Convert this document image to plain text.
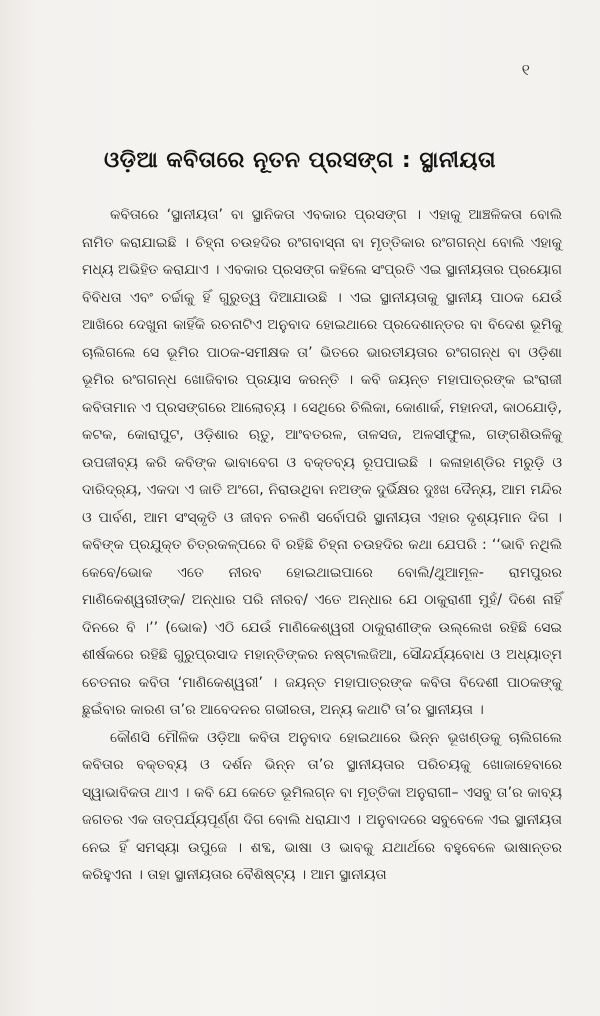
୧
ଓଡ଼ିଆ କବିତାରେ ନୂତନ ପ୍ରସଙ୍ଗ : ସ୍ଥାନୀୟତା

କବିତାରେ ‘ସ୍ଥାନୀୟତା’ ବା ସ୍ଥାନିକତା ଏବକାର ପ୍ରସଙ୍ଗ । ଏହାକୁ ଆଞ୍ଚଳିକତା ବୋଲି ନାମିତ କରାଯାଇଛି । ଚିହ୍ନା ଚଉହଦିର ରଂଗବାସ୍ନା ବା ମୃତ୍ତିକାର ରଂଗଗନ୍ଧ ବୋଲି ଏହାକୁ ମଧ୍ୟ ଅଭିହିତ କରାଯାଏ । ଏବକାର ପ୍ରସଙ୍ଗ କହିଲେ ସଂପ୍ରତି ଏଇ ସ୍ଥାନୀୟତାର ପ୍ରୟୋଗ ବିବିଧତା ଏବଂ ଚର୍ଚ୍ଚାକୁ ହିଁ ଗୁରୁତ୍ୱ ଦିଆଯାଉଛି । ଏଇ ସ୍ଥାନୀୟତାକୁ ସ୍ଥାନୀୟ ପାଠକ ଯେଉଁ ଆଖିରେ ଦେଖୁନା କାହିଁକି ରଚନାଟିଏ ଅନୁବାଦ ହୋଇଥାରେ ପ୍ରଦେଶାନ୍ତର ବା ବିଦେଶ ଭୂମିକୁ ଚାଲିଗଲେ ସେ ଭୂମିର ପାଠକ-ସମୀକ୍ଷକ ତା’ ଭିତରେ ଭାରତୀୟତାର ରଂଗଗନ୍ଧ ବା ଓଡ଼ିଶା ଭୂମିର ରଂଗଗନ୍ଧ ଖୋଜିବାର ପ୍ରୟାସ କରନ୍ତି । କବି ଜୟନ୍ତ ମହାପାତ୍ରଙ୍କ ଇଂରାଜୀ କବିତାମାନ ଏ ପ୍ରସଙ୍ଗରେ ଆଲୋଚ୍ୟ । ସେଥିରେ ଚିଲିକା, କୋଣାର୍କ, ମହାନଦୀ, କାଠଯୋଡ଼ି, କଟକ, କୋରାପୁଟ, ଓଡ଼ିଶାର ଋତୁ, ଆଂବତରଳ, ତାଳସଜ, ଅଳସୀଫୁଲ, ଗଙ୍ଗଶିଉଳିକୁ ଉପଜୀବ୍ୟ କରି କବିଙ୍କ ଭାବାବେଗ ଓ ବକ୍ତବ୍ୟ ରୂପପାଇଛି । କଳାହାଣ୍ଡିର ମରୁଡ଼ି ଓ ଦାରିଦ୍ର୍ୟ, ଏକଦା ଏ ଜାତି ଅଂଗେ, ନିରାଉଥିବା ନଅଙ୍କ ଦୁର୍ଭିକ୍ଷର ଦୁଃଖ ଦୈନ୍ୟ, ଆମ ମନ୍ଦିର ଓ ପାର୍ବଣ, ଆମ ସଂସ୍କୃତି ଓ ଜୀବନ ଚଳଣି ସର୍ବୋପରି ସ୍ଥାନୀୟତା ଏହାର ଦୃଶ୍ୟମାନ ଦିଗ । କବିଙ୍କ ପ୍ରଯୁକ୍ତ ଚିତ୍ରକଳ୍ପରେ ବି ରହିଛି ଚିହ୍ନା ଚଉହଦିର କଥା ଯେପରି : ‘‘ଭାବି ନଥିଲି କେବେ/ଭୋକ ଏତେ ନୀରବ ହୋଇଥାଇପାରେ ବୋଲି/ଥୁଆମୂଳ- ରାମପୁରର ମାଣିକେଶ୍ୱରୀଙ୍କ/ ଅନ୍ଧାର ପରି ନୀରବ/ ଏତେ ଅନ୍ଧାର ଯେ ଠାକୁରାଣୀ ମୁହଁ/ ଦିଶେ ନାହିଁ ଦିନରେ ବି ।’’ (ଭୋକ) ଏଠି ଯେଉଁ ମାଣିକେଶ୍ୱରୀ ଠାକୁରାଣୀଙ୍କ ଉଲ୍ଲେଖ ରହିଛି ସେଇ ଶୀର୍ଷକରେ ରହିଛି ଗୁରୁପ୍ରସାଦ ମହାନ୍ତିଙ୍କର ନଷ୍ଟାଲଜିଆ, ସୌନ୍ଦର୍ଯ୍ୟବୋଧ ଓ ଅଧ୍ୟାତ୍ମ ଚେତନାର କବିତା ‘ମାଣିକେଶ୍ୱରୀ’ । ଜୟନ୍ତ ମହାପାତ୍ରଙ୍କ କବିତା ବିଦେଶୀ ପାଠକଙ୍କୁ ଛୁଇଁବାର କାରଣ ତା’ର ଆବେଦନର ଗଭୀରତା, ଅନ୍ୟ କଥାଟି ତା’ର ସ୍ଥାନୀୟତା ।

କୌଣସି ମୌଳିକ ଓଡ଼ିଆ କବିତା ଅନୁବାଦ ହୋଇଥାରେ ଭିନ୍ନ ଭୂଖଣ୍ଡକୁ ଚାଲିଗଲେ କବିତାର ବକ୍ତବ୍ୟ ଓ ଦର୍ଶନ ଭିନ୍ନ ତା’ର ସ୍ଥାନୀୟତାର ପରିଚୟକୁ ଖୋଜାହେବାରେ ସ୍ୱାଭାବିକତା ଥାଏ । କବି ଯେ କେତେ ଭୂମିଲଗ୍ନ ବା ମୃତ୍ତିକା ଅନୁରାଗୀ– ଏସବୁ ତା’ର କାବ୍ୟ ଜଗତର ଏକ ତାତ୍ପର୍ଯ୍ୟପୂର୍ଣ୍ଣ ଦିଗ ବୋଲି ଧରାଯାଏ । ଅନୁବାଦରେ ସବୁବେଳେ ଏଇ ସ୍ଥାନୀୟତା ନେଇ ହିଁ ସମସ୍ୟା ଉପୁଜେ । ଶବ୍ଦ, ଭାଷା ଓ ଭାବକୁ ଯଥାର୍ଥରେ ବହୁବେଳେ ଭାଷାନ୍ତର କରିହୁଏନା । ତାହା ସ୍ଥାନୀୟତାର ବୈଶିଷ୍ଟ୍ୟ । ଆମ ସ୍ଥାନୀୟତା
